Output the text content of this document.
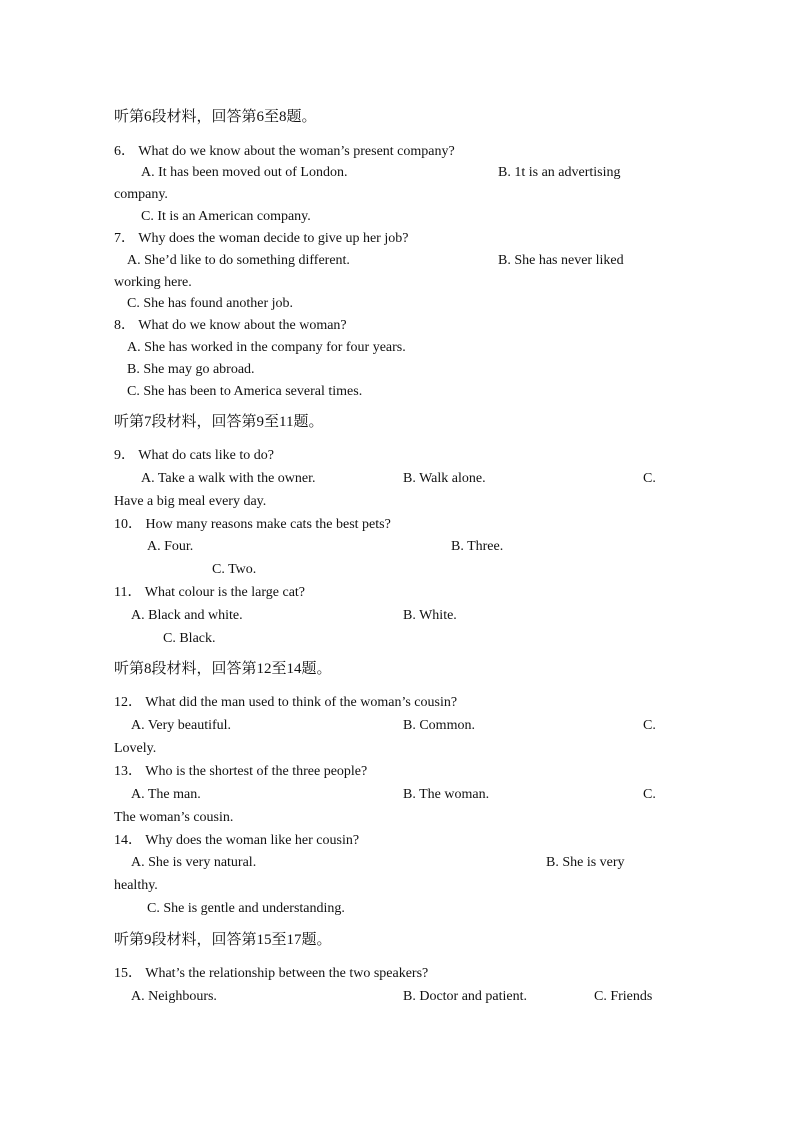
听第6段材料，回答第6至8题。
6． What do we know about the woman’s present company?
A. It has been moved out of London.	B. 1t is an advertising
company.
C. It is an American company.
7． Why does the woman decide to give up her job?
A. She’d like to do something different.	B. She has never liked
working here.
C. She has found another job.
8． What do we know about the woman?
A. She has worked in the company for four years.
B. She may go abroad.
C. She has been to America several times.
听第7段材料，回答第9至11题。
9． What do cats like to do?
A. Take a walk with the owner.	B. Walk alone.	C.
Have a big meal every day.
10． How many reasons make cats the best pets?
A. Four.	B. Three.
C. Two.
11． What colour is the large cat?
A. Black and white.	B. White.
C. Black.
听第8段材料，回答第12至14题。
12． What did the man used to think of the woman’s cousin?
A. Very beautiful.	B. Common.	C.
Lovely.
13． Who is the shortest of the three people?
A. The man.	B. The woman.	C.
The woman’s cousin.
14． Why does the woman like her cousin?
A. She is very natural.	B. She is very
healthy.
C. She is gentle and understanding.
听第9段材料，回答第15至17题。
15． What’s the relationship between the two speakers?
A. Neighbours.	B. Doctor and patient.	C. Friends
